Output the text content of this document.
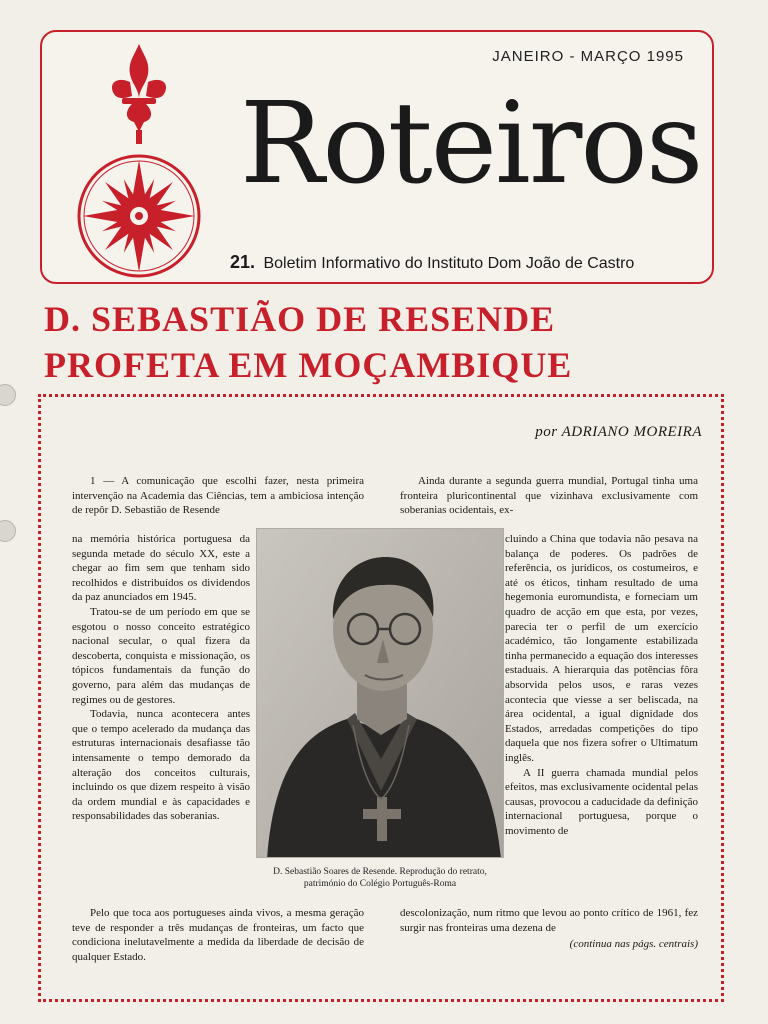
JANEIRO - MARÇO 1995
Roteiros
21. Boletim Informativo do Instituto Dom João de Castro
D. SEBASTIÃO DE RESENDE
PROFETA EM MOÇAMBIQUE
por ADRIANO MOREIRA

1 — A comunicação que escolhi fazer, nesta primeira intervenção na Academia das Ciências, tem a ambiciosa intenção de repôr D. Sebastião de Resende

na memória histórica portuguesa da segunda metade do século XX, este a chegar ao fim sem que tenham sido recolhidos e distribuídos os dividendos da paz anunciados em 1945.

Tratou-se de um período em que se esgotou o nosso conceito estratégico nacional secular, o qual fizera da descoberta, conquista e missionação, os tópicos fundamentais da função do governo, para além das mudanças de regimes ou de gestores.

Todavia, nunca acontecera antes que o tempo acelerado da mudança das estruturas internacionais desafiasse tão intensamente o tempo demorado da alteração dos conceitos culturais, incluindo os que dizem respeito à visão da ordem mundial e às capacidades e responsabilidades das soberanias.

Pelo que toca aos portugueses ainda vivos, a mesma geração teve de responder a três mudanças de fronteiras, um facto que condiciona inelutavelmente a medida da liberdade de decisão de qualquer Estado.

D. Sebastião Soares de Resende. Reprodução do retrato,
património do Colégio Português-Roma

Ainda durante a segunda guerra mundial, Portugal tinha uma fronteira pluricontinental que vizinhava exclusivamente com soberanias ocidentais, ex-

cluindo a China que todavia não pesava na balança de poderes. Os padrões de referência, os jurídicos, os costumeiros, e até os éticos, tinham resultado de uma hegemonia euromundista, e forneciam um quadro de acção em que esta, por vezes, parecia ter o perfil de um exercício académico, tão longamente estabilizada tinha permanecido a equação dos interesses estaduais. A hierarquia das potências fôra absorvida pelos usos, e raras vezes acontecia que viesse a ser beliscada, na área ocidental, a igual dignidade dos Estados, arredadas competições do tipo daquela que nos fizera sofrer o Ultimatum inglês.

A II guerra chamada mundial pelos efeitos, mas exclusivamente ocidental pelas causas, provocou a caducidade da definição internacional portuguesa, porque o movimento de

descolonização, num ritmo que levou ao ponto crítico de 1961, fez surgir nas fronteiras uma dezena de

(continua nas págs. centrais)
